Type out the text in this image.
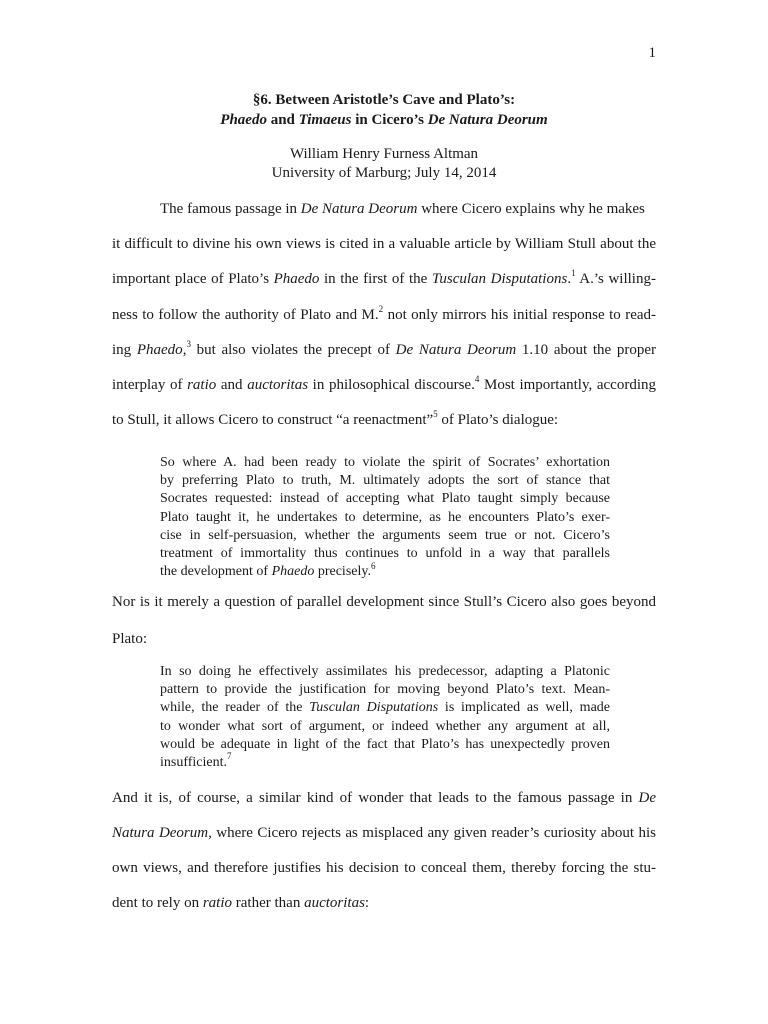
1
§6. Between Aristotle’s Cave and Plato’s:
Phaedo and Timaeus in Cicero’s De Natura Deorum
William Henry Furness Altman
University of Marburg; July 14, 2014
The famous passage in De Natura Deorum where Cicero explains why he makes
it difficult to divine his own views is cited in a valuable article by William Stull about the
important place of Plato’s Phaedo in the first of the Tusculan Disputations.$^1$ A.’s willing-
ness to follow the authority of Plato and M.$^2$ not only mirrors his initial response to read-
ing Phaedo,$^3$ but also violates the precept of De Natura Deorum 1.10 about the proper
interplay of ratio and auctoritas in philosophical discourse.$^4$ Most importantly, according
to Stull, it allows Cicero to construct “a reenactment”$^5$ of Plato’s dialogue:
So where A. had been ready to violate the spirit of Socrates’ exhortation
by preferring Plato to truth, M. ultimately adopts the sort of stance that
Socrates requested: instead of accepting what Plato taught simply because
Plato taught it, he undertakes to determine, as he encounters Plato’s exer-
cise in self-persuasion, whether the arguments seem true or not. Cicero’s
treatment of immortality thus continues to unfold in a way that parallels
the development of Phaedo precisely.$^6$
Nor is it merely a question of parallel development since Stull’s Cicero also goes beyond
Plato:
In so doing he effectively assimilates his predecessor, adapting a Platonic
pattern to provide the justification for moving beyond Plato’s text. Mean-
while, the reader of the Tusculan Disputations is implicated as well, made
to wonder what sort of argument, or indeed whether any argument at all,
would be adequate in light of the fact that Plato’s has unexpectedly proven
insufficient.$^7$
And it is, of course, a similar kind of wonder that leads to the famous passage in De
Natura Deorum, where Cicero rejects as misplaced any given reader’s curiosity about his
own views, and therefore justifies his decision to conceal them, thereby forcing the stu-
dent to rely on ratio rather than auctoritas:
